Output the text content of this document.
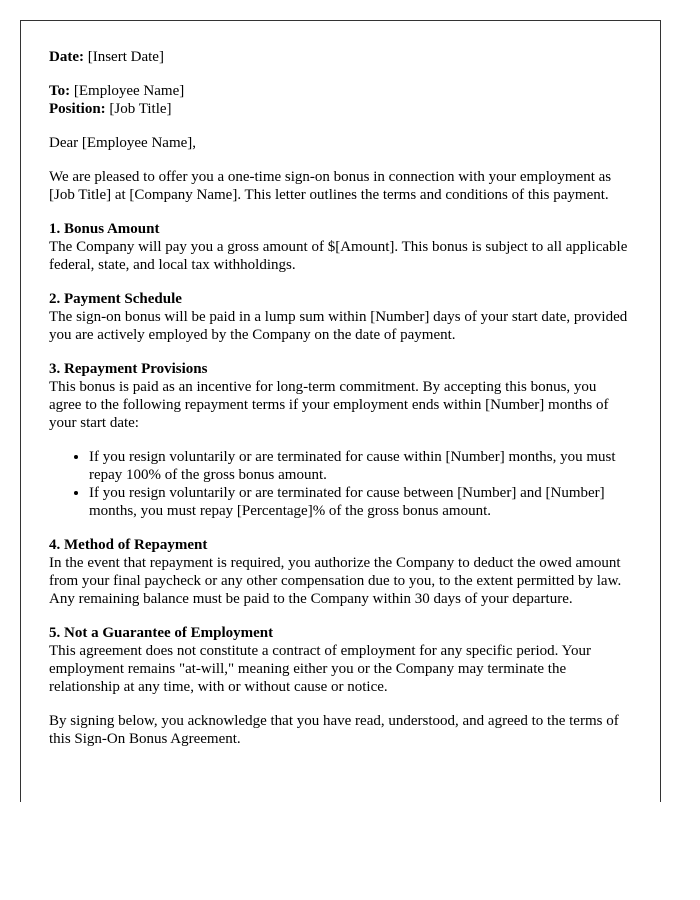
Date: [Insert Date]

To: [Employee Name]
Position: [Job Title]

Dear [Employee Name],

We are pleased to offer you a one-time sign-on bonus in connection with your employment as [Job Title] at [Company Name]. This letter outlines the terms and conditions of this payment.

1. Bonus Amount
The Company will pay you a gross amount of $[Amount]. This bonus is subject to all applicable federal, state, and local tax withholdings.

2. Payment Schedule
The sign-on bonus will be paid in a lump sum within [Number] days of your start date, provided you are actively employed by the Company on the date of payment.

3. Repayment Provisions
This bonus is paid as an incentive for long-term commitment. By accepting this bonus, you agree to the following repayment terms if your employment ends within [Number] months of your start date:

• If you resign voluntarily or are terminated for cause within [Number] months, you must repay 100% of the gross bonus amount.
• If you resign voluntarily or are terminated for cause between [Number] and [Number] months, you must repay [Percentage]% of the gross bonus amount.

4. Method of Repayment
In the event that repayment is required, you authorize the Company to deduct the owed amount from your final paycheck or any other compensation due to you, to the extent permitted by law. Any remaining balance must be paid to the Company within 30 days of your departure.

5. Not a Guarantee of Employment
This agreement does not constitute a contract of employment for any specific period. Your employment remains "at-will," meaning either you or the Company may terminate the relationship at any time, with or without cause or notice.

By signing below, you acknowledge that you have read, understood, and agreed to the terms of this Sign-On Bonus Agreement.
